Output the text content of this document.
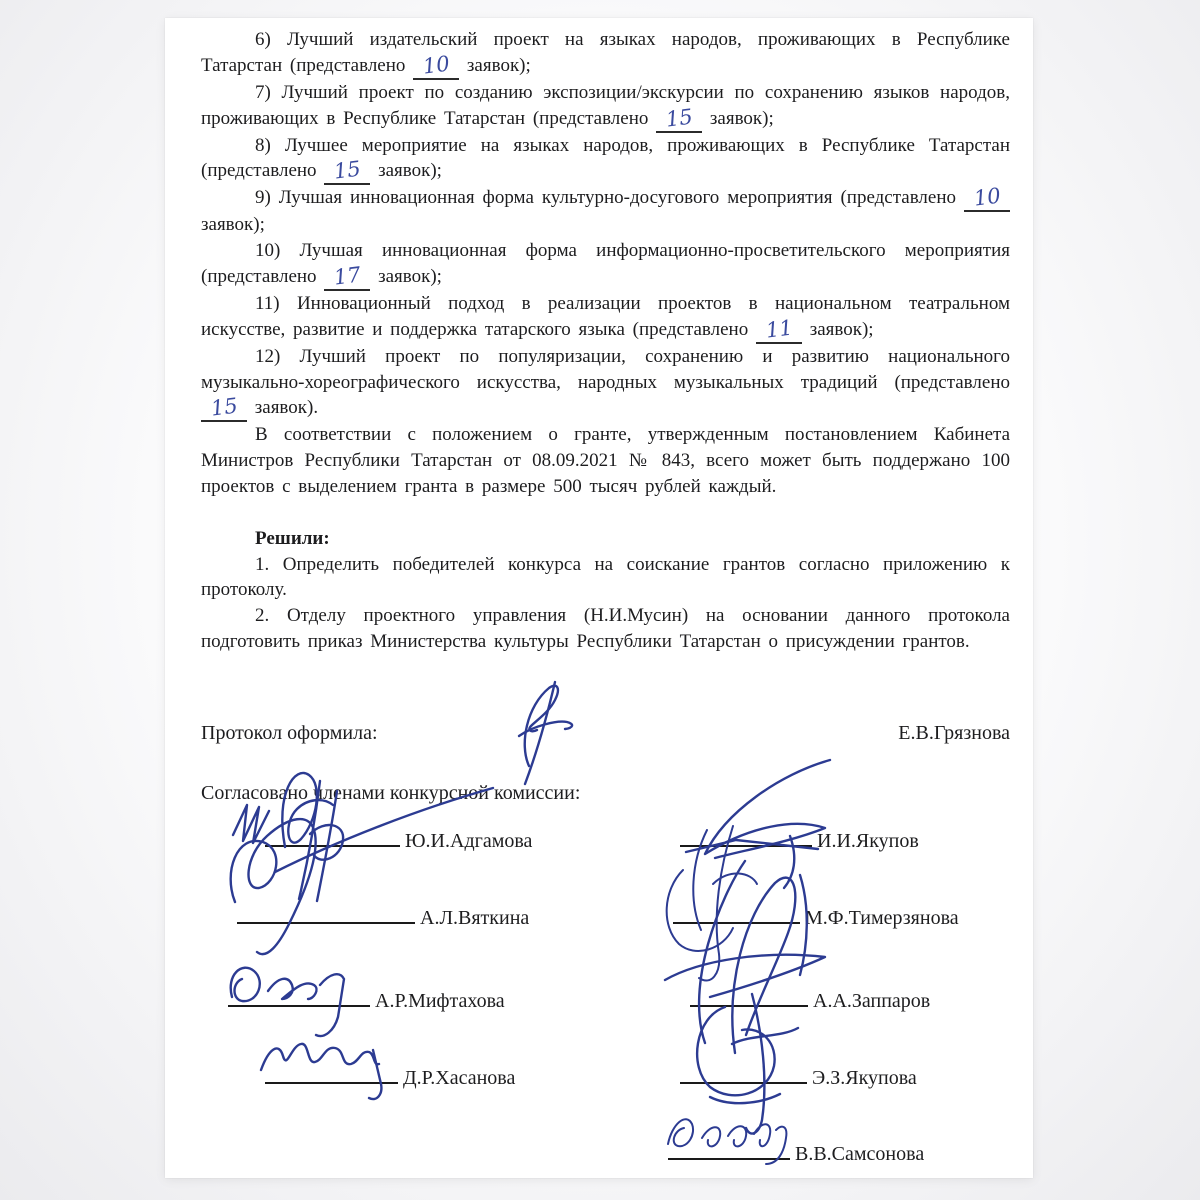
6) Лучший издательский проект на языках народов, проживающих в Республике Татарстан (представлено 10 заявок);

7) Лучший проект по созданию экспозиции/экскурсии по сохранению языков народов, проживающих в Республике Татарстан (представлено 15 заявок);

8) Лучшее мероприятие на языках народов, проживающих в Республике Татарстан (представлено 15 заявок);

9) Лучшая инновационная форма культурно-досугового мероприятия (представлено 10 заявок);

10) Лучшая инновационная форма информационно-просветительского мероприятия (представлено 17 заявок);

11) Инновационный подход в реализации проектов в национальном театральном искусстве, развитие и поддержка татарского языка (представлено 11 заявок);

12) Лучший проект по популяризации, сохранению и развитию национального музыкально-хореографического искусства, народных музыкальных традиций (представлено 15 заявок).

В соответствии с положением о гранте, утвержденным постановлением Кабинета Министров Республики Татарстан от 08.09.2021 № 843, всего может быть поддержано 100 проектов с выделением гранта в размере 500 тысяч рублей каждый.

Решили:

1. Определить победителей конкурса на соискание грантов согласно приложению к протоколу.

2. Отделу проектного управления (Н.И.Мусин) на основании данного протокола подготовить приказ Министерства культуры Республики Татарстан о присуждении грантов.

Протокол оформила:	Е.В.Грязнова
Согласовано членами конкурсной комиссии:
Ю.И.Адгамова	И.И.Якупов
А.Л.Вяткина	М.Ф.Тимерзянова
А.Р.Мифтахова	А.А.Заппаров
Д.Р.Хасанова	Э.З.Якупова
В.В.Самсонова
